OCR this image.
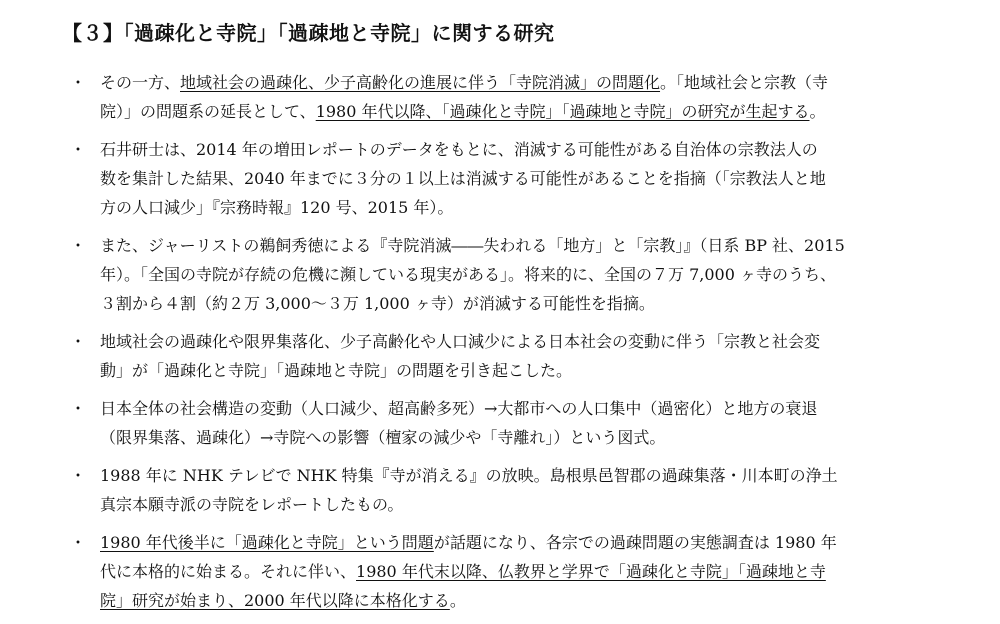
【３】「過疎化と寺院」「過疎地と寺院」に関する研究
・ その一方、地域社会の過疎化、少子高齢化の進展に伴う「寺院消滅」の問題化。「地域社会と宗教（寺
院）」の問題系の延長として、1980 年代以降、「過疎化と寺院」「過疎地と寺院」の研究が生起する。
・ 石井研士は、2014 年の増田レポートのデータをもとに、消滅する可能性がある自治体の宗教法人の
数を集計した結果、2040 年までに３分の１以上は消滅する可能性があることを指摘（「宗教法人と地
方の人口減少」『宗務時報』120 号、2015 年）。
・ また、ジャーリストの鵜飼秀徳による『寺院消滅――失われる「地方」と「宗教」』（日系 BP 社、2015
年）。「全国の寺院が存続の危機に瀕している現実がある」。将来的に、全国の７万 7,000 ヶ寺のうち、
３割から４割（約２万 3,000～３万 1,000 ヶ寺）が消滅する可能性を指摘。
・ 地域社会の過疎化や限界集落化、少子高齢化や人口減少による日本社会の変動に伴う「宗教と社会変
動」が「過疎化と寺院」「過疎地と寺院」の問題を引き起こした。
・ 日本全体の社会構造の変動（人口減少、超高齢多死）→大都市への人口集中（過密化）と地方の衰退
（限界集落、過疎化）→寺院への影響（檀家の減少や「寺離れ」）という図式。
・ 1988 年に NHK テレビで NHK 特集『寺が消える』の放映。島根県邑智郡の過疎集落・川本町の浄土
真宗本願寺派の寺院をレポートしたもの。
・ 1980 年代後半に「過疎化と寺院」という問題が話題になり、各宗での過疎問題の実態調査は 1980 年
代に本格的に始まる。それに伴い、1980 年代末以降、仏教界と学界で「過疎化と寺院」「過疎地と寺
院」研究が始まり、2000 年代以降に本格化する。
